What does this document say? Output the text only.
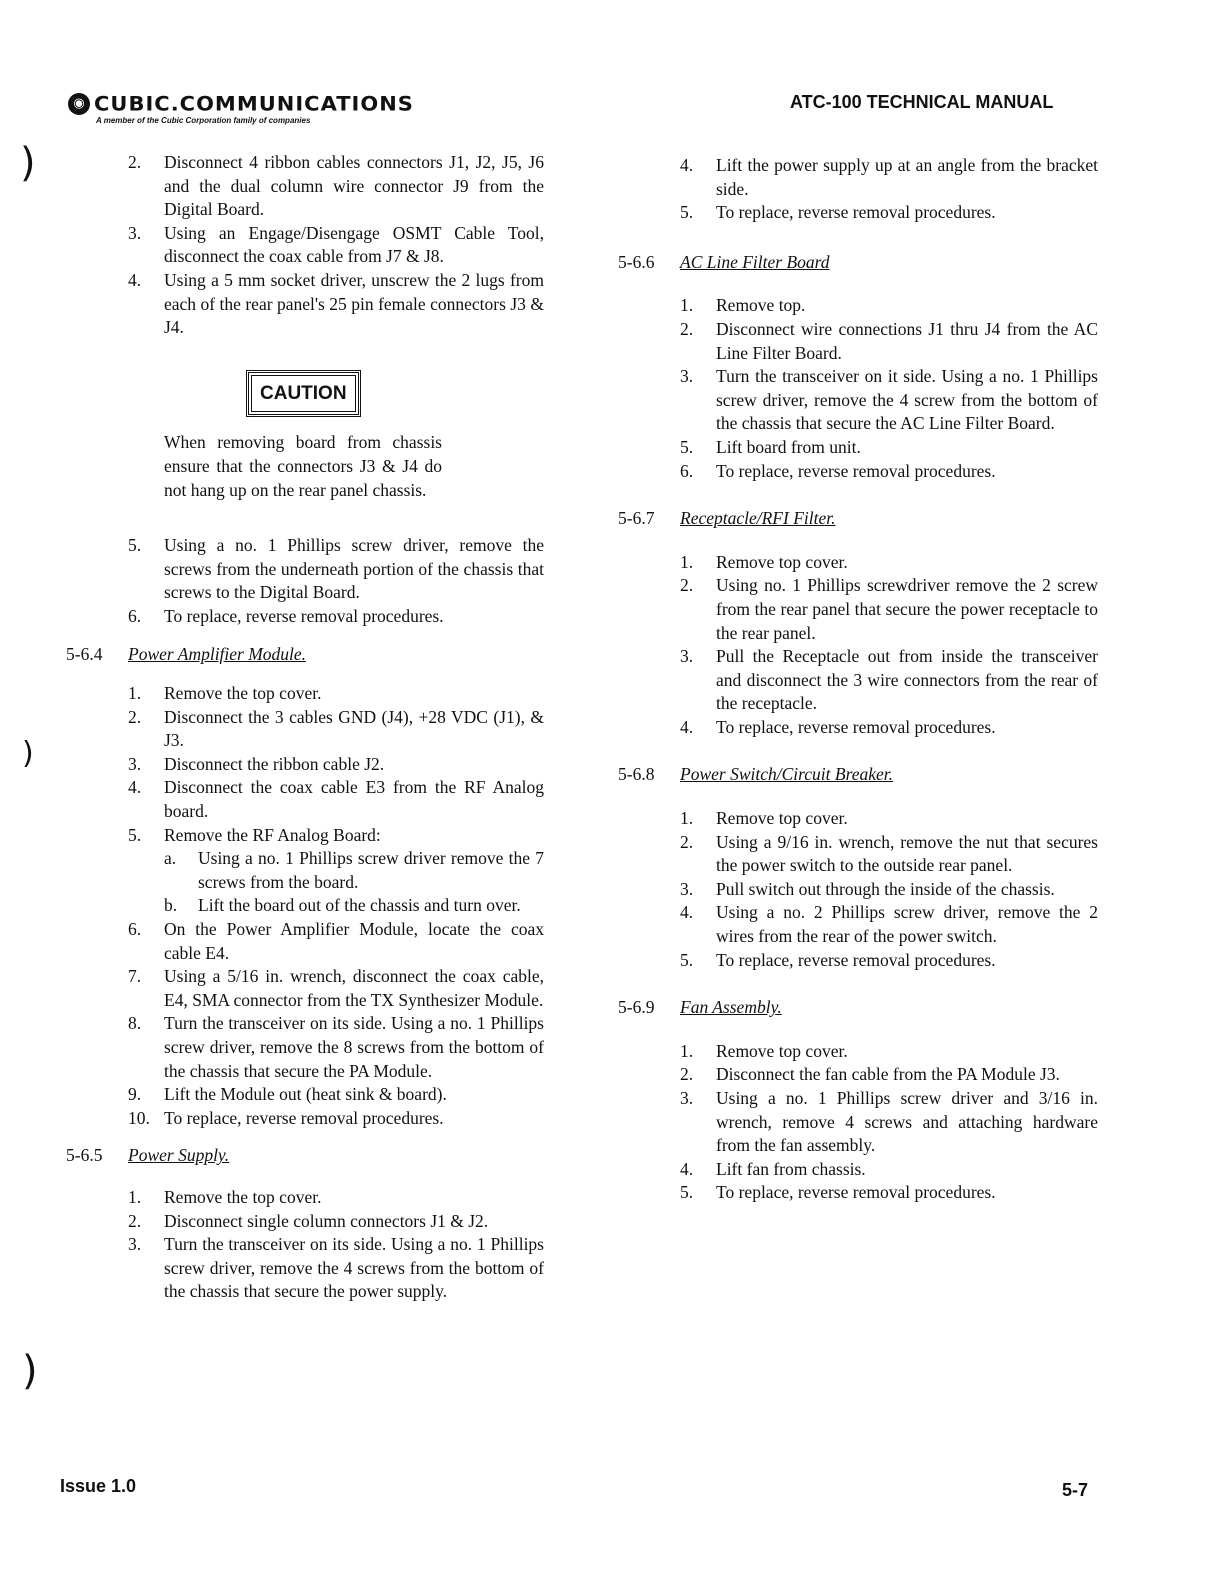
◉ CUBIC.COMMUNICATIONS
A member of the Cubic Corporation family of companies
ATC-100 TECHNICAL MANUAL
)
)
)
2.	Disconnect 4 ribbon cables connectors J1, J2, J5, J6 and the dual column wire connector J9 from the Digital Board.
3.	Using an Engage/Disengage OSMT Cable Tool, disconnect the coax cable from J7 & J8.
4.	Using a 5 mm socket driver, unscrew the 2 lugs from each of the rear panel's 25 pin female connectors J3 & J4.
CAUTION
When removing board from chassis ensure that the connectors J3 & J4 do not hang up on the rear panel chassis.
5.	Using a no. 1 Phillips screw driver, remove the screws from the underneath portion of the chassis that screws to the Digital Board.
6.	To replace, reverse removal procedures.
5-6.4	Power Amplifier Module.
1.	Remove the top cover.
2.	Disconnect the 3 cables GND (J4), +28 VDC (J1), & J3.
3.	Disconnect the ribbon cable J2.
4.	Disconnect the coax cable E3 from the RF Analog board.
5.	Remove the RF Analog Board:
a.	Using a no. 1 Phillips screw driver remove the 7 screws from the board.
b.	Lift the board out of the chassis and turn over.
6.	On the Power Amplifier Module, locate the coax cable E4.
7.	Using a 5/16 in. wrench, disconnect the coax cable, E4, SMA connector from the TX Synthesizer Module.
8.	Turn the transceiver on its side. Using a no. 1 Phillips screw driver, remove the 8 screws from the bottom of the chassis that secure the PA Module.
9.	Lift the Module out (heat sink & board).
10. To replace, reverse removal procedures.
5-6.5	Power Supply.
1.	Remove the top cover.
2.	Disconnect single column connectors J1 & J2.
3.	Turn the transceiver on its side. Using a no. 1 Phillips screw driver, remove the 4 screws from the bottom of the chassis that secure the power supply.
4.	Lift the power supply up at an angle from the bracket side.
5.	To replace, reverse removal procedures.
5-6.6	AC Line Filter Board
1.	Remove top.
2.	Disconnect wire connections J1 thru J4 from the AC Line Filter Board.
3.	Turn the transceiver on it side. Using a no. 1 Phillips screw driver, remove the 4 screw from the bottom of the chassis that secure the AC Line Filter Board.
5.	Lift board from unit.
6.	To replace, reverse removal procedures.
5-6.7	Receptacle/RFI Filter.
1.	Remove top cover.
2.	Using no. 1 Phillips screwdriver remove the 2 screw from the rear panel that secure the power receptacle to the rear panel.
3.	Pull the Receptacle out from inside the transceiver and disconnect the 3 wire connectors from the rear of the receptacle.
4.	To replace, reverse removal procedures.
5-6.8	Power Switch/Circuit Breaker.
1.	Remove top cover.
2.	Using a 9/16 in. wrench, remove the nut that secures the power switch to the outside rear panel.
3.	Pull switch out through the inside of the chassis.
4.	Using a no. 2 Phillips screw driver, remove the 2 wires from the rear of the power switch.
5.	To replace, reverse removal procedures.
5-6.9	Fan Assembly.
1.	Remove top cover.
2.	Disconnect the fan cable from the PA Module J3.
3.	Using a no. 1 Phillips screw driver and 3/16 in. wrench, remove 4 screws and attaching hardware from the fan assembly.
4.	Lift fan from chassis.
5.	To replace, reverse removal procedures.
Issue 1.0	5-7
